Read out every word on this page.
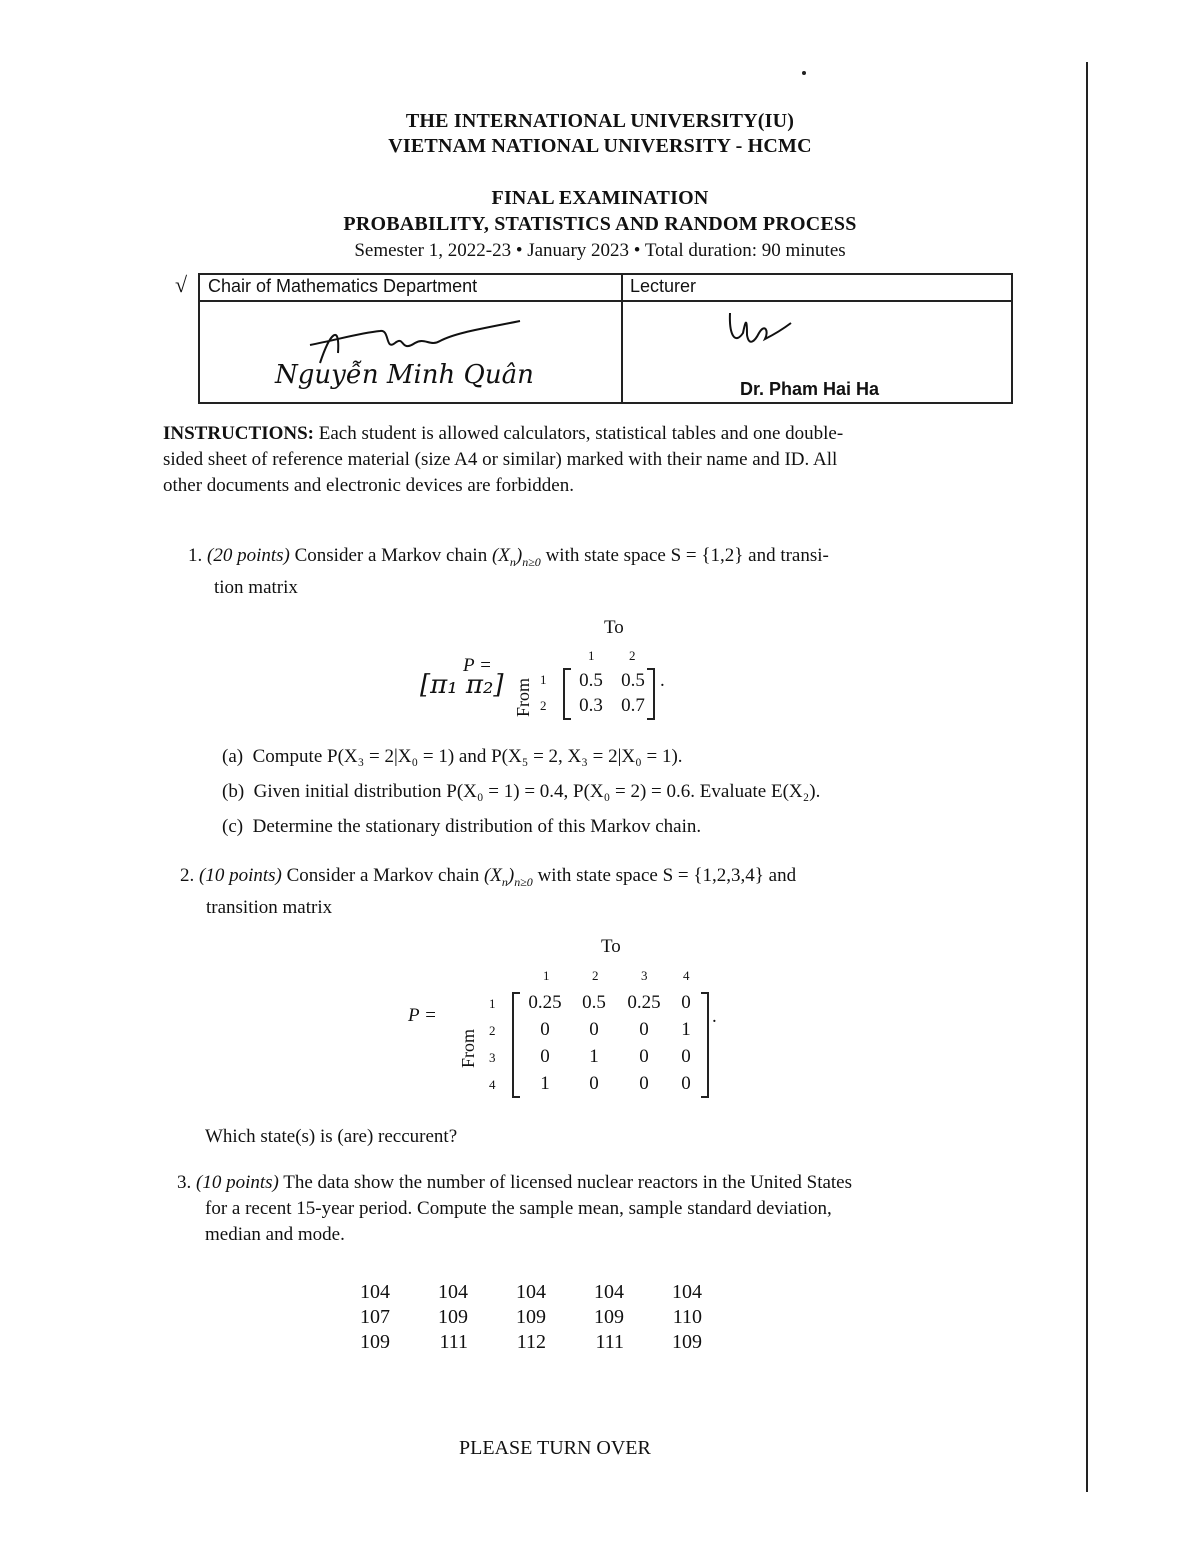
THE INTERNATIONAL UNIVERSITY(IU)
VIETNAM NATIONAL UNIVERSITY - HCMC
FINAL EXAMINATION
PROBABILITY, STATISTICS AND RANDOM PROCESS
Semester 1, 2022-23 • January 2023 • Total duration: 90 minutes
√ Chair of Mathematics Department	Lecturer
Nguyễn Minh Quân	Dr. Pham Hai Ha
INSTRUCTIONS: Each student is allowed calculators, statistical tables and one double-
sided sheet of reference material (size A4 or similar) marked with their name and ID. All
other documents and electronic devices are forbidden.
1. (20 points) Consider a Markov chain $(X_n)_{n\ge 0}$ with state space S = {1,2} and transi-
tion matrix
To
1	2
P =
[π₁ π₂] From 1
2
0.5 0.5
0.3 0.7
.
(a) Compute P(X₃ = 2|X₀ = 1) and P(X₅ = 2, X₃ = 2|X₀ = 1).
(b) Given initial distribution P(X₀ = 1) = 0.4, P(X₀ = 2) = 0.6. Evaluate E(X₂).
(c) Determine the stationary distribution of this Markov chain.
2. (10 points) Consider a Markov chain $(X_n)_{n\ge 0}$ with state space S = {1,2,3,4} and
transition matrix
To
1	2	3	4
P =
From
1
2
3
4
.
0.25	0.5	0.25	0
0	0	0	1
0	1	0	0
1	0	0	0
Which state(s) is (are) reccurent?
3. (10 points) The data show the number of licensed nuclear reactors in the United States
for a recent 15-year period. Compute the sample mean, sample standard deviation,
median and mode.
104	104	104	104	104
107	109	109	109	110
109	111	112	111	109
PLEASE TURN OVER
